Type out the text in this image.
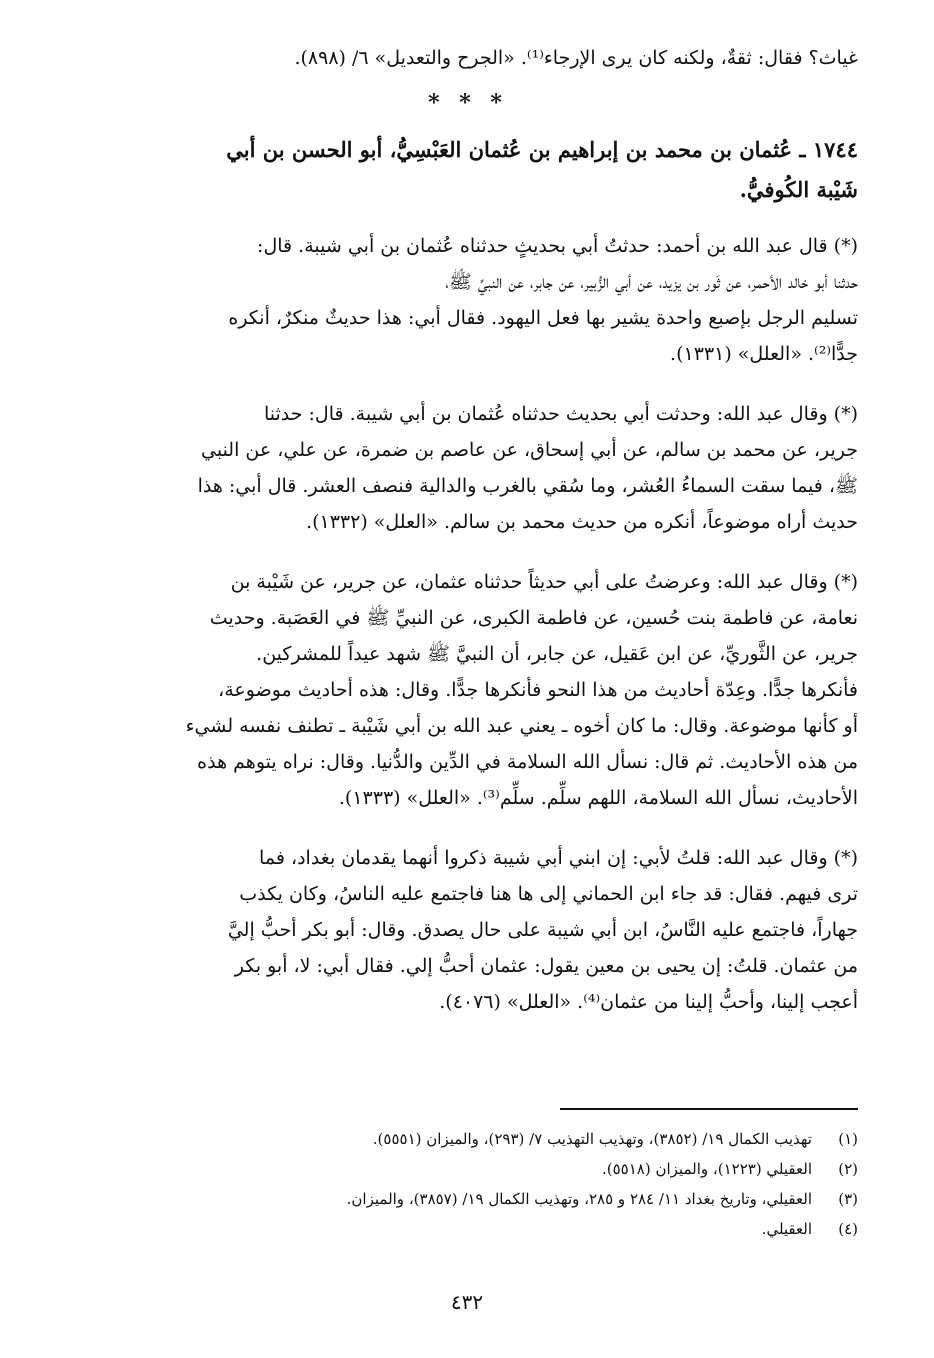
غياث؟ فقال: ثقةٌ، ولكنه كان يرى الإرجاء⁽¹⁾. «الجرح والتعديل» ٦/ (٨٩٨).
* * *
١٧٤٤ ـ عُثمان بن محمد بن إبراهيم بن عُثمان العَبْسِيُّ، أبو الحسن بن أبي
شَيْبة الكُوفيُّ.
(*) قال عبد الله بن أحمد: حدثتُ أبي بحديثٍ حدثناه عُثمان بن أبي شيبة. قال:
حدثنا أبو خالد الأحمر، عن ثَور بن يزيد، عن أبي الزُّبير، عن جابر، عن النبيِّ ﷺ،
تسليم الرجل بإصبع واحدة يشير بها فعل اليهود. فقال أبي: هذا حديثٌ منكرٌ، أنكره
جدًّا⁽²⁾. «العلل» (١٣٣١).
(*) وقال عبد الله: وحدثت أبي بحديث حدثناه عُثمان بن أبي شيبة. قال: حدثنا
جرير، عن محمد بن سالم، عن أبي إسحاق، عن عاصم بن ضمرة، عن علي، عن النبي
ﷺ، فيما سقت السماءُ العُشر، وما سُقي بالغرب والدالية فنصف العشر. قال أبي: هذا
حديث أراه موضوعاً، أنكره من حديث محمد بن سالم. «العلل» (١٣٣٢).
(*) وقال عبد الله: وعرضتُ على أبي حديثاً حدثناه عثمان، عن جرير، عن شَيْبة بن
نعامة، عن فاطمة بنت حُسين، عن فاطمة الكبرى، عن النبيِّ ﷺ في العَصَبة. وحديث
جرير، عن الثَّوريِّ، عن ابن عَقيل، عن جابر، أن النبيَّ ﷺ شهد عيداً للمشركين.
فأنكرها جدًّا. وعِدّة أحاديث من هذا النحو فأنكرها جدًّا. وقال: هذه أحاديث موضوعة،
أو كأنها موضوعة. وقال: ما كان أخوه ـ يعني عبد الله بن أبي شَيْبة ـ تطنف نفسه لشيء
من هذه الأحاديث. ثم قال: نسأل الله السلامة في الدِّين والدُّنيا. وقال: نراه يتوهم هذه
الأحاديث، نسأل الله السلامة، اللهم سلِّم. سلِّم⁽³⁾. «العلل» (١٣٣٣).
(*) وقال عبد الله: قلتُ لأبي: إن ابني أبي شيبة ذكروا أنهما يقدمان بغداد، فما
ترى فيهم. فقال: قد جاء ابن الحماني إلى ها هنا فاجتمع عليه الناسُ، وكان يكذب
جهاراً، فاجتمع عليه النَّاسُ، ابن أبي شيبة على حال يصدق. وقال: أبو بكر أحبُّ إليَّ
من عثمان. قلتُ: إن يحيى بن معين يقول: عثمان أحبُّ إلي. فقال أبي: لا، أبو بكر
أعجب إلينا، وأحبُّ إلينا من عثمان⁽⁴⁾. «العلل» (٤٠٧٦).
(١)
تهذيب الكمال ١٩/ (٣٨٥٢)، وتهذيب التهذيب ٧/ (٢٩٣)، والميزان (٥٥٥١).
(٢)
العقيلي (١٢٢٣)، والميزان (٥٥١٨).
(٣)
العقيلي، وتاريخ بغداد ١١/ ٢٨٤ و ٢٨٥، وتهذيب الكمال ١٩/ (٣٨٥٧)، والميزان.
(٤)
العقيلي.
٤٣٢
